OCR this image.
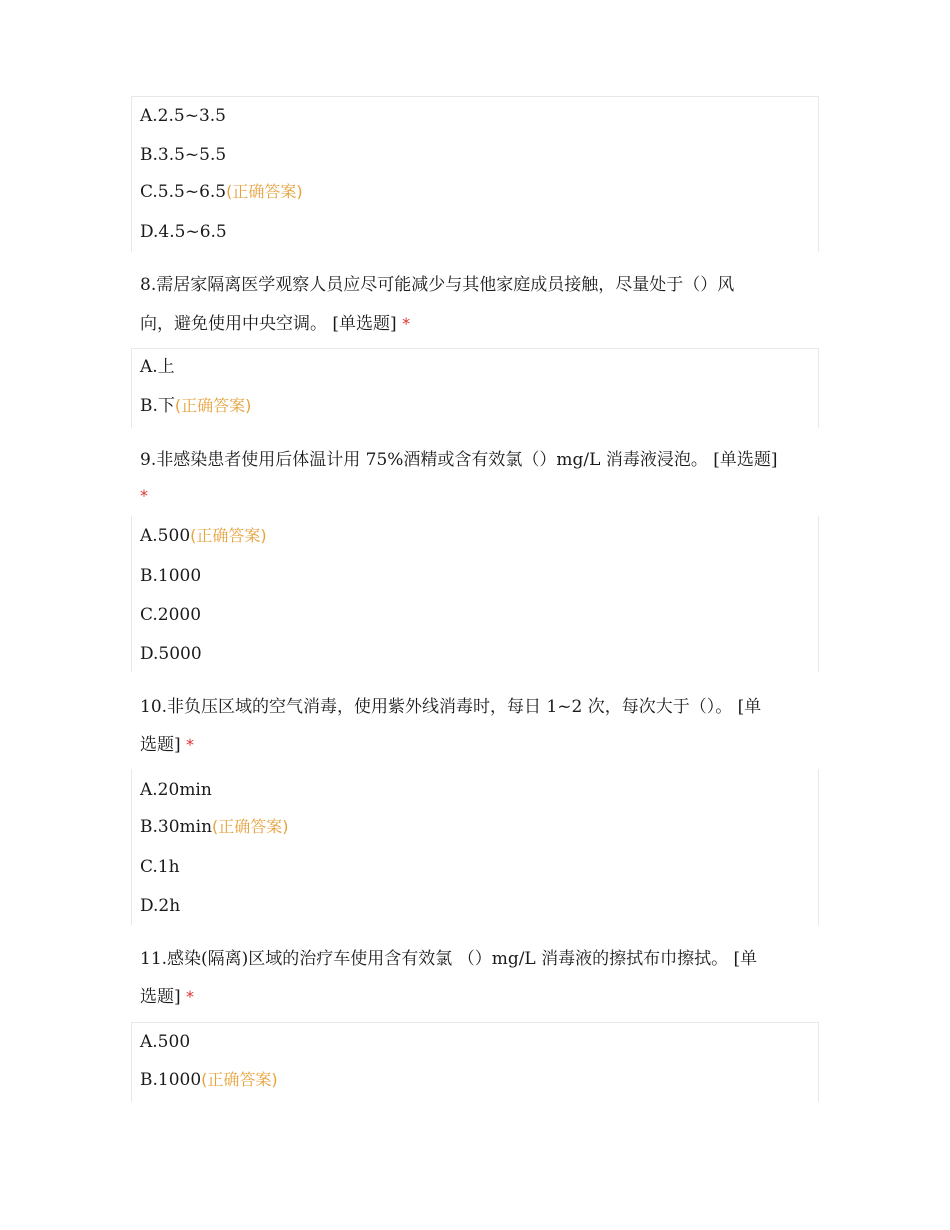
A.2.5~3.5
B.3.5~5.5
C.5.5~6.5(正确答案)
D.4.5~6.5
8.需居家隔离医学观察人员应尽可能减少与其他家庭成员接触，尽量处于（）风
向，避免使用中央空调。 [单选题] *
A.上
B.下(正确答案)
9.非感染患者使用后体温计用 75%酒精或含有效氯（）mg/L 消毒液浸泡。 [单选题]
*
A.500(正确答案)
B.1000
C.2000
D.5000
10.非负压区域的空气消毒，使用紫外线消毒时，每日 1~2 次，每次大于（）。 [单
选题] *
A.20min
B.30min(正确答案)
C.1h
D.2h
11.感染(隔离)区域的治疗车使用含有效氯 （）mg/L 消毒液的擦拭布巾擦拭。 [单
选题] *
A.500
B.1000(正确答案)
